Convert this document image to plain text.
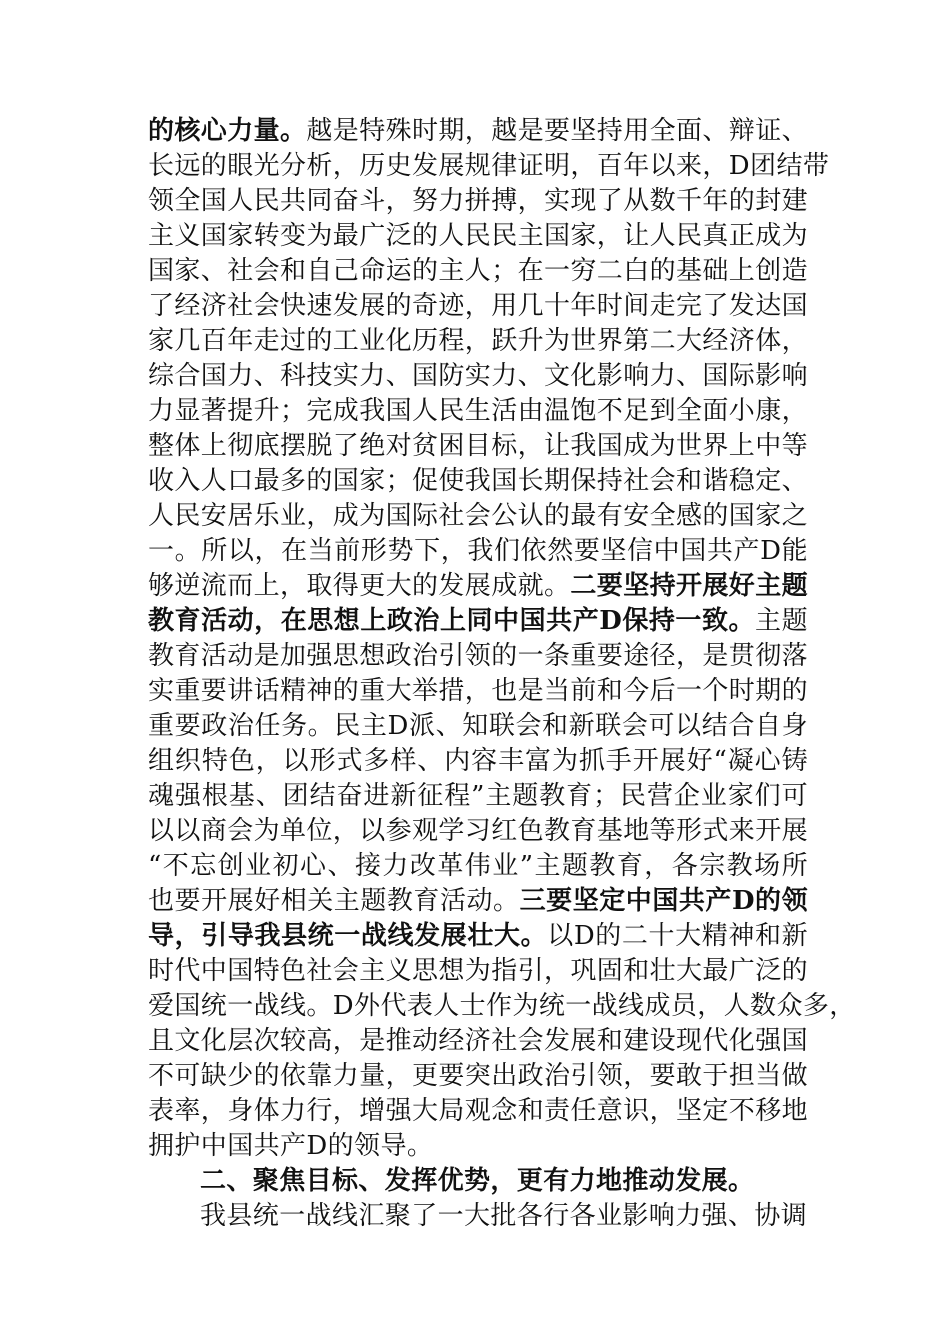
的核心力量。越是特殊时期，越是要坚持用全面、辩证、
长远的眼光分析，历史发展规律证明，百年以来，D团结带
领全国人民共同奋斗，努力拼搏，实现了从数千年的封建
主义国家转变为最广泛的人民民主国家，让人民真正成为
国家、社会和自己命运的主人；在一穷二白的基础上创造
了经济社会快速发展的奇迹，用几十年时间走完了发达国
家几百年走过的工业化历程，跃升为世界第二大经济体，
综合国力、科技实力、国防实力、文化影响力、国际影响
力显著提升；完成我国人民生活由温饱不足到全面小康，
整体上彻底摆脱了绝对贫困目标，让我国成为世界上中等
收入人口最多的国家；促使我国长期保持社会和谐稳定、
人民安居乐业，成为国际社会公认的最有安全感的国家之
一。所以，在当前形势下，我们依然要坚信中国共产D能
够逆流而上，取得更大的发展成就。二要坚持开展好主题
教育活动，在思想上政治上同中国共产D保持一致。主题
教育活动是加强思想政治引领的一条重要途径，是贯彻落
实重要讲话精神的重大举措，也是当前和今后一个时期的
重要政治任务。民主D派、知联会和新联会可以结合自身
组织特色，以形式多样、内容丰富为抓手开展好“凝心铸
魂强根基、团结奋进新征程”主题教育；民营企业家们可
以以商会为单位，以参观学习红色教育基地等形式来开展
“不忘创业初心、接力改革伟业”主题教育，各宗教场所
也要开展好相关主题教育活动。三要坚定中国共产D的领
导，引导我县统一战线发展壮大。以D的二十大精神和新
时代中国特色社会主义思想为指引，巩固和壮大最广泛的
爱国统一战线。D外代表人士作为统一战线成员，人数众多，
且文化层次较高，是推动经济社会发展和建设现代化强国
不可缺少的依靠力量，更要突出政治引领，要敢于担当做
表率，身体力行，增强大局观念和责任意识，坚定不移地
拥护中国共产D的领导。
二、聚焦目标、发挥优势，更有力地推动发展。
我县统一战线汇聚了一大批各行各业影响力强、协调
